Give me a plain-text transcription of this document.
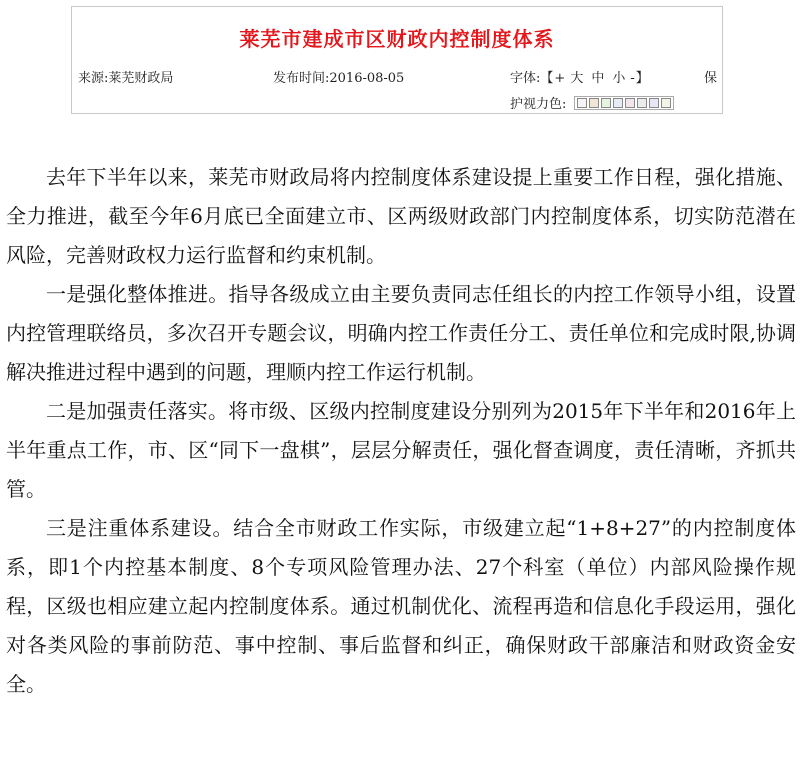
莱芜市建成市区财政内控制度体系
来源:莱芜财政局	发布时间:2016-08-05	字体:【+ 大 中 小 -】	保
护视力色:

去年下半年以来，莱芜市财政局将内控制度体系建设提上重要工作日程，强化措施、全力推进，截至今年6月底已全面建立市、区两级财政部门内控制度体系，切实防范潜在风险，完善财政权力运行监督和约束机制。

一是强化整体推进。指导各级成立由主要负责同志任组长的内控工作领导小组，设置内控管理联络员，多次召开专题会议，明确内控工作责任分工、责任单位和完成时限,协调解决推进过程中遇到的问题，理顺内控工作运行机制。

二是加强责任落实。将市级、区级内控制度建设分别列为2015年下半年和2016年上半年重点工作，市、区“同下一盘棋”，层层分解责任，强化督查调度，责任清晰，齐抓共管。

三是注重体系建设。结合全市财政工作实际，市级建立起“1+8+27”的内控制度体系，即1个内控基本制度、8个专项风险管理办法、27个科室（单位）内部风险操作规程，区级也相应建立起内控制度体系。通过机制优化、流程再造和信息化手段运用，强化对各类风险的事前防范、事中控制、事后监督和纠正，确保财政干部廉洁和财政资金安全。
